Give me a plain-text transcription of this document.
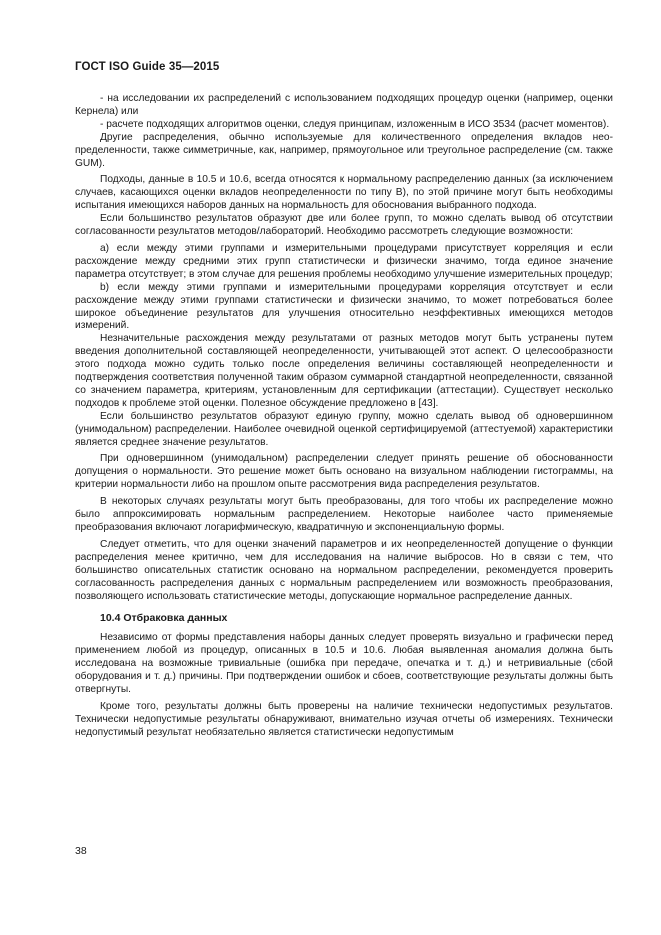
ГОСТ ISO Guide 35—2015

- на исследовании их распределений с использованием подходящих процедур оценки (например, оценки Кернела) или

- расчете подходящих алгоритмов оценки, следуя принципам, изложенным в ИСО 3534 (расчет моментов).

Другие распределения, обычно используемые для количественного определения вкладов неопределенности, также симметричные, как, например, прямоугольное или треугольное распределение (см. также GUM).

Подходы, данные в 10.5 и 10.6, всегда относятся к нормальному распределению данных (за исключением случаев, касающихся оценки вкладов неопределенности по типу B), по этой причине могут быть необходимы испытания имеющихся наборов данных на нормальность для обоснования выбранного подхода.

Если большинство результатов образуют две или более групп, то можно сделать вывод об отсутствии согласованности результатов методов/лабораторий. Необходимо рассмотреть следующие возможности:

a) если между этими группами и измерительными процедурами присутствует корреляция и если расхождение между средними этих групп статистически и физически значимо, тогда единое значение параметра отсутствует; в этом случае для решения проблемы необходимо улучшение измерительных процедур;

b) если между этими группами и измерительными процедурами корреляция отсутствует и если расхождение между этими группами статистически и физически значимо, то может потребоваться более широкое объединение результатов для улучшения относительно неэффективных имеющихся методов измерений.

Незначительные расхождения между результатами от разных методов могут быть устранены путем введения дополнительной составляющей неопределенности, учитывающей этот аспект. О целесообразности этого подхода можно судить только после определения величины составляющей неопределенности и подтверждения соответствия полученной таким образом суммарной стандартной неопределенности, связанной со значением параметра, критериям, установленным для сертификации (аттестации). Существует несколько подходов к проблеме этой оценки. Полезное обсуждение предложено в [43].

Если большинство результатов образуют единую группу, можно сделать вывод об одновершинном (унимодальном) распределении. Наиболее очевидной оценкой сертифицируемой (аттестуемой) характеристики является среднее значение результатов.

При одновершинном (унимодальном) распределении следует принять решение об обоснованности допущения о нормальности. Это решение может быть основано на визуальном наблюдении гистограммы, на критерии нормальности либо на прошлом опыте рассмотрения вида распределения результатов.

В некоторых случаях результаты могут быть преобразованы, для того чтобы их распределение можно было аппроксимировать нормальным распределением. Некоторые наиболее часто применяемые преобразования включают логарифмическую, квадратичную и экспоненциальную формы.

Следует отметить, что для оценки значений параметров и их неопределенностей допущение о функции распределения менее критично, чем для исследования на наличие выбросов. Но в связи с тем, что большинство описательных статистик основано на нормальном распределении, рекомендуется проверить согласованность распределения данных с нормальным распределением или возможность преобразования, позволяющего использовать статистические методы, допускающие нормальное распределение данных.

10.4 Отбраковка данных

Независимо от формы представления наборы данных следует проверять визуально и графически перед применением любой из процедур, описанных в 10.5 и 10.6. Любая выявленная аномалия должна быть исследована на возможные тривиальные (ошибка при передаче, опечатка и т. д.) и нетривиальные (сбой оборудования и т. д.) причины. При подтверждении ошибок и сбоев, соответствующие результаты должны быть отвергнуты.

Кроме того, результаты должны быть проверены на наличие технически недопустимых результатов. Технически недопустимые результаты обнаруживают, внимательно изучая отчеты об измерениях. Технически недопустимый результат необязательно является статистически недопустимым

38
